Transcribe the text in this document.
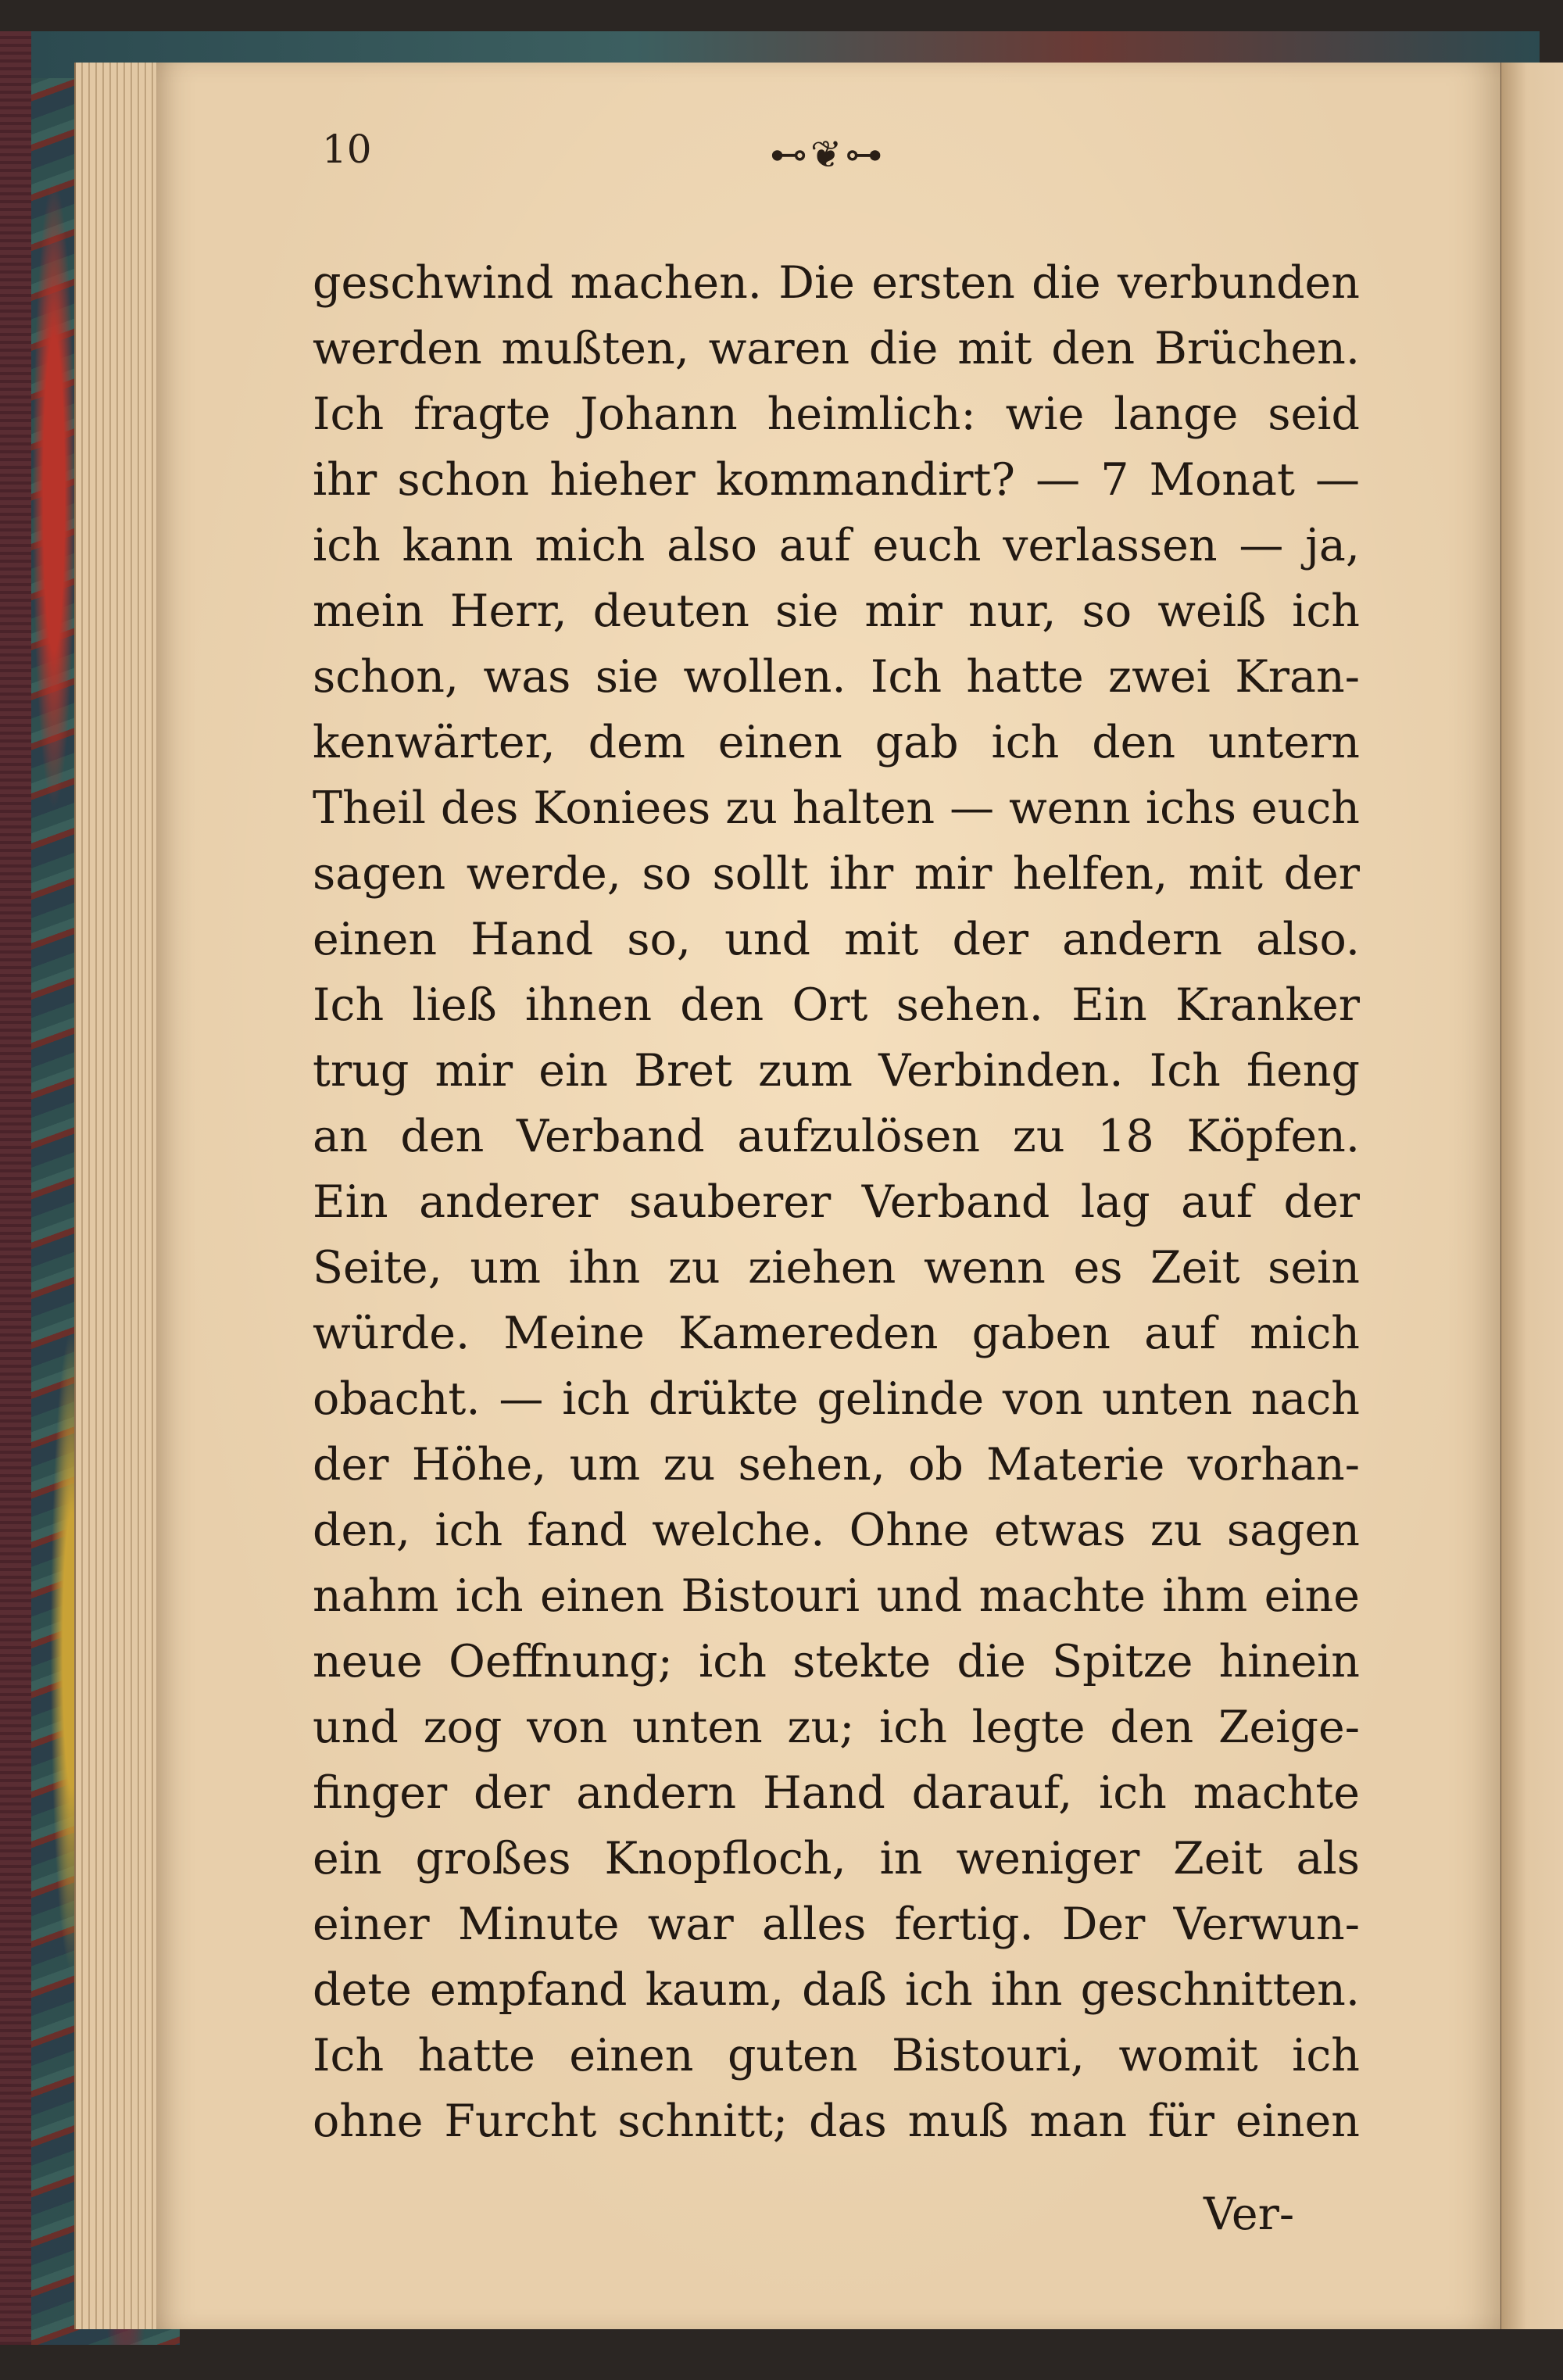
10	⊷❦⊶
geschwind machen. Die ersten die verbunden
werden mußten, waren die mit den Brüchen.
Ich fragte Johann heimlich: wie lange seid
ihr schon hieher kommandirt? — 7 Monat —
ich kann mich also auf euch verlassen — ja,
mein Herr, deuten sie mir nur, so weiß ich
schon, was sie wollen. Ich hatte zwei Kran-
kenwärter, dem einen gab ich den untern
Theil des Koniees zu halten — wenn ichs euch
sagen werde, so sollt ihr mir helfen, mit der
einen Hand so, und mit der andern also.
Ich ließ ihnen den Ort sehen. Ein Kranker
trug mir ein Bret zum Verbinden. Ich fieng
an den Verband aufzulösen zu 18 Köpfen.
Ein anderer sauberer Verband lag auf der
Seite, um ihn zu ziehen wenn es Zeit sein
würde. Meine Kamereden gaben auf mich
obacht. — ich drükte gelinde von unten nach
der Höhe, um zu sehen, ob Materie vorhan-
den, ich fand welche. Ohne etwas zu sagen
nahm ich einen Bistouri und machte ihm eine
neue Oeffnung; ich stekte die Spitze hinein
und zog von unten zu; ich legte den Zeige-
finger der andern Hand darauf, ich machte
ein großes Knopfloch, in weniger Zeit als
einer Minute war alles fertig. Der Verwun-
dete empfand kaum, daß ich ihn geschnitten.
Ich hatte einen guten Bistouri, womit ich
ohne Furcht schnitt; das muß man für einen
Ver-
